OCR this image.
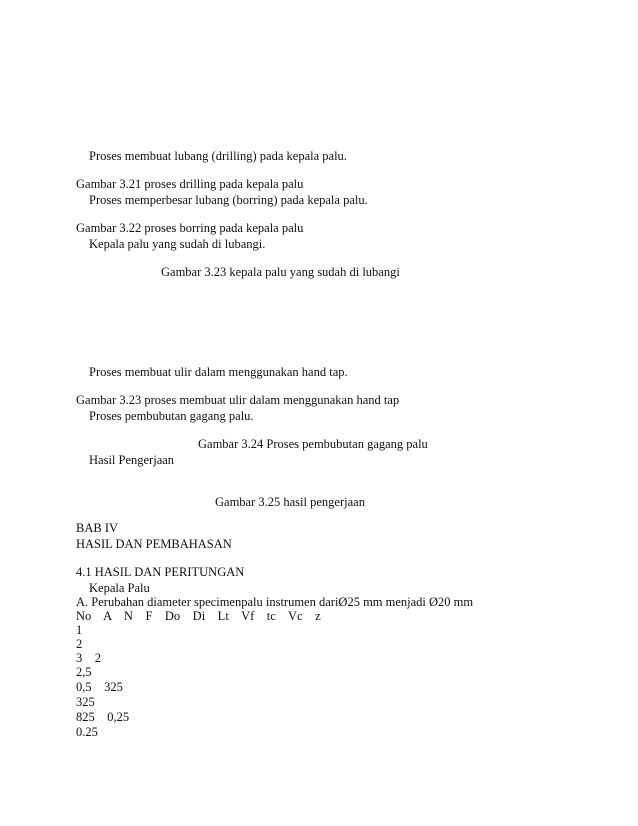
Proses membuat lubang (drilling) pada kepala palu.
Gambar 3.21 proses drilling pada kepala palu
Proses memperbesar lubang (borring) pada kepala palu.
Gambar 3.22 proses borring pada kepala palu
Kepala palu yang sudah di lubangi.
Gambar 3.23 kepala palu yang sudah di lubangi
Proses membuat ulir dalam menggunakan hand tap.
Gambar 3.23 proses membuat ulir dalam menggunakan hand tap
Proses pembubutan gagang palu.
Gambar 3.24 Proses pembubutan gagang palu
Hasil Pengerjaan
Gambar 3.25 hasil pengerjaan
BAB IV
HASIL DAN PEMBAHASAN
4.1 HASIL DAN PERITUNGAN
Kepala Palu
A. Perubahan diameter specimenpalu instrumen dariØ25 mm menjadi Ø20 mm
No    A    N    F    Do    Di    Lt    Vf    tc    Vc    z
1
2
3    2
2,5
0,5    325
325
825    0,25
0.25
